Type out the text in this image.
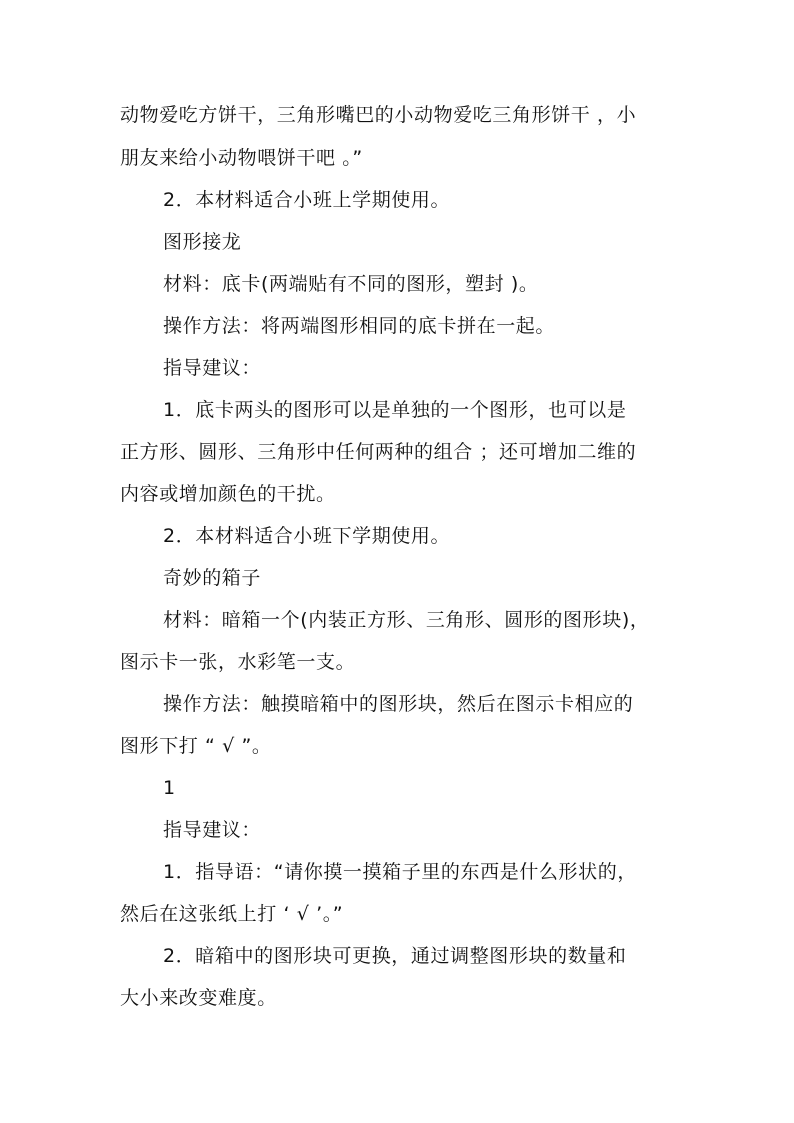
动物爱吃方饼干，三角形嘴巴的小动物爱吃三角形饼干 ，小
朋友来给小动物喂饼干吧 。”
2．本材料适合小班上学期使用。
图形接龙
材料：底卡(两端贴有不同的图形，塑封 )。
操作方法：将两端图形相同的底卡拼在一起。
指导建议：
1．底卡两头的图形可以是单独的一个图形，也可以是
正方形、圆形、三角形中任何两种的组合 ；还可增加二维的
内容或增加颜色的干扰。
2．本材料适合小班下学期使用。
奇妙的箱子
材料：暗箱一个(内装正方形、三角形、圆形的图形块)，
图示卡一张，水彩笔一支。
操作方法：触摸暗箱中的图形块，然后在图示卡相应的
图形下打 “ √ ”。
1
指导建议：
1．指导语：“请你摸一摸箱子里的东西是什么形状的，
然后在这张纸上打 ‘ √ ’。”
2．暗箱中的图形块可更换，通过调整图形块的数量和
大小来改变难度。
